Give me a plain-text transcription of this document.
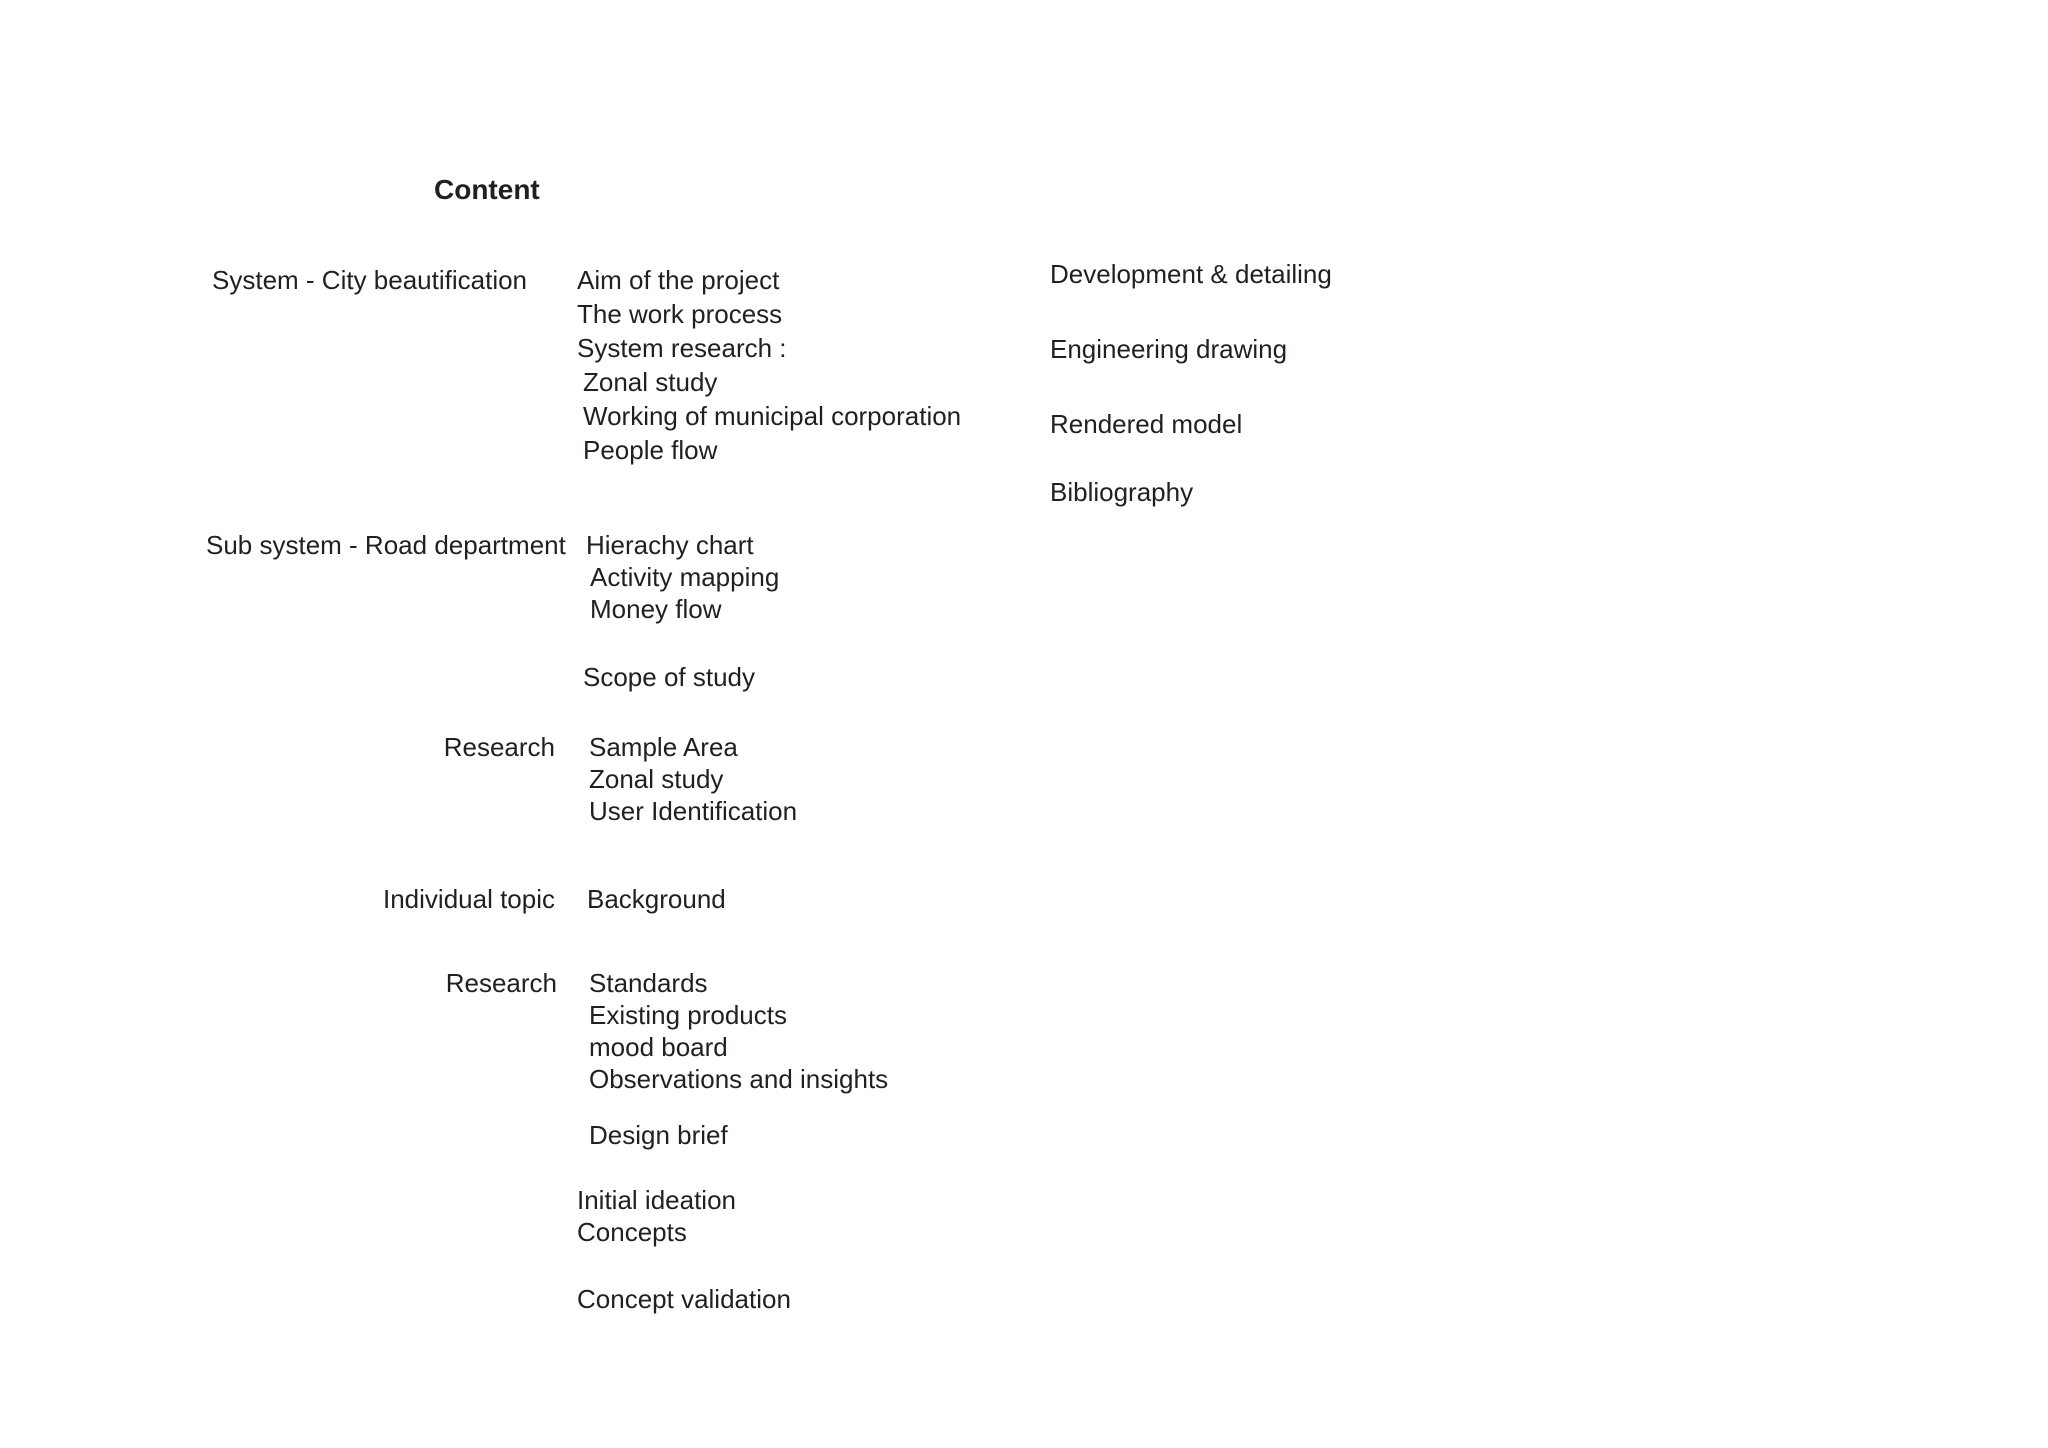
Content
System - City beautification Aim of the project
The work process
System research :
Zonal study
Working of municipal corporation
People flow
Sub system - Road department Hierachy chart
Activity mapping
Money flow
Scope of study
Research Sample Area
Zonal study
User Identification
Individual topic Background
Research Standards
Existing products
mood board
Observations and insights
Design brief
Initial ideation
Concepts
Concept validation
Development & detailing
Engineering drawing
Rendered model
Bibliography
